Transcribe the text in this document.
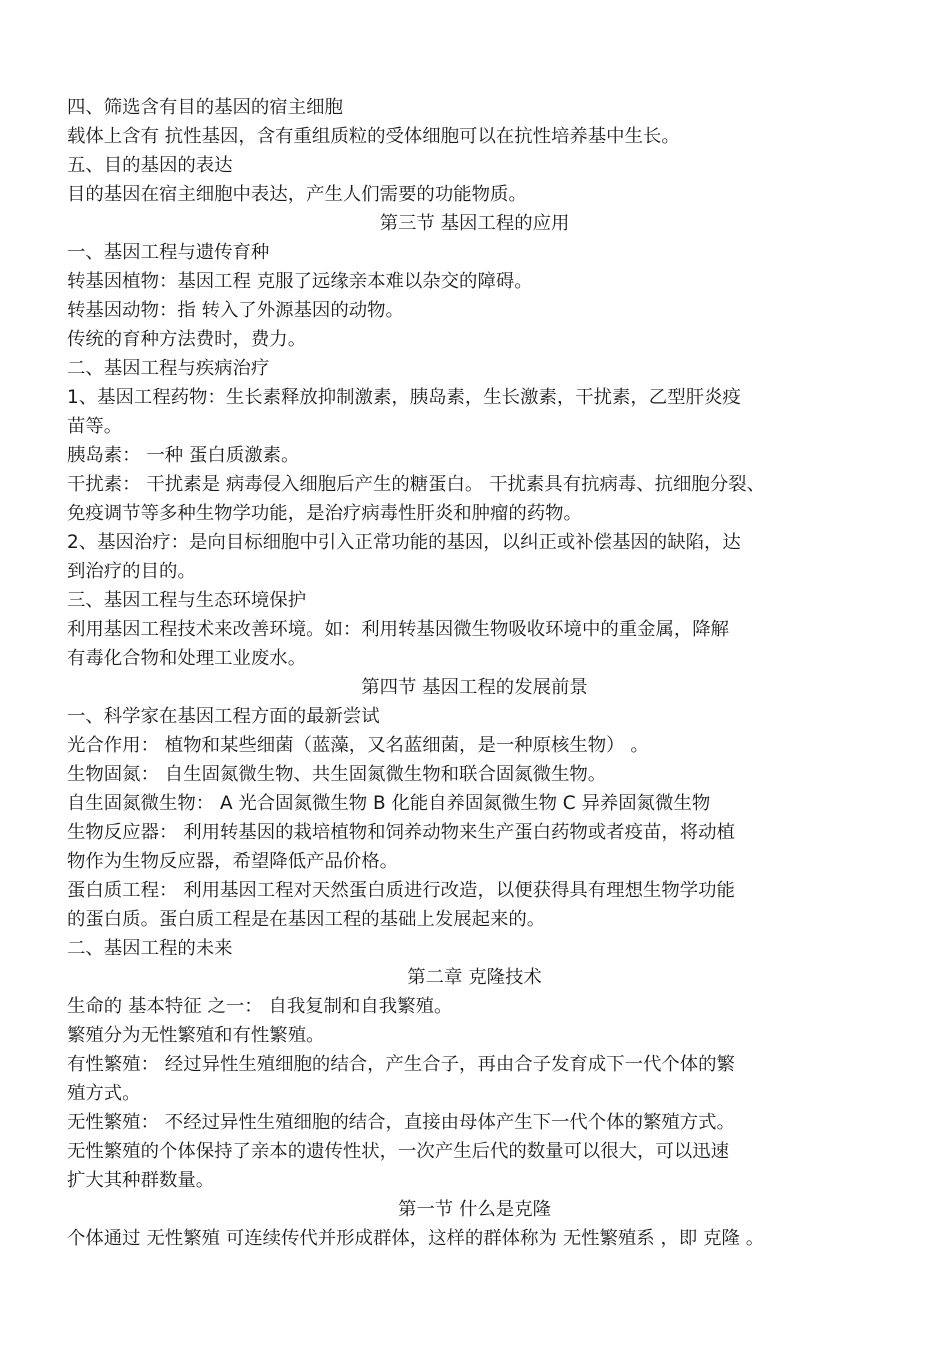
四、筛选含有目的基因的宿主细胞
载体上含有 抗性基因，含有重组质粒的受体细胞可以在抗性培养基中生长。
五、目的基因的表达
目的基因在宿主细胞中表达，产生人们需要的功能物质。
第三节 基因工程的应用
一、基因工程与遗传育种
转基因植物：基因工程 克服了远缘亲本难以杂交的障碍。
转基因动物：指 转入了外源基因的动物。
传统的育种方法费时，费力。
二、基因工程与疾病治疗
1、基因工程药物：生长素释放抑制激素，胰岛素，生长激素，干扰素，乙型肝炎疫
苗等。
胰岛素： 一种 蛋白质激素。
干扰素： 干扰素是 病毒侵入细胞后产生的糖蛋白。 干扰素具有抗病毒、抗细胞分裂、
免疫调节等多种生物学功能，是治疗病毒性肝炎和肿瘤的药物。
2、基因治疗：是向目标细胞中引入正常功能的基因，以纠正或补偿基因的缺陷，达
到治疗的目的。
三、基因工程与生态环境保护
利用基因工程技术来改善环境。如：利用转基因微生物吸收环境中的重金属，降解
有毒化合物和处理工业废水。
第四节 基因工程的发展前景
一、科学家在基因工程方面的最新尝试
光合作用： 植物和某些细菌（蓝藻，又名蓝细菌，是一种原核生物） 。
生物固氮： 自生固氮微生物、共生固氮微生物和联合固氮微生物。
自生固氮微生物： A 光合固氮微生物 B 化能自养固氮微生物 C 异养固氮微生物
生物反应器： 利用转基因的栽培植物和饲养动物来生产蛋白药物或者疫苗，将动植
物作为生物反应器，希望降低产品价格。
蛋白质工程： 利用基因工程对天然蛋白质进行改造，以便获得具有理想生物学功能
的蛋白质。蛋白质工程是在基因工程的基础上发展起来的。
二、基因工程的未来
第二章 克隆技术
生命的 基本特征 之一： 自我复制和自我繁殖。
繁殖分为无性繁殖和有性繁殖。
有性繁殖： 经过异性生殖细胞的结合，产生合子，再由合子发育成下一代个体的繁
殖方式。
无性繁殖： 不经过异性生殖细胞的结合，直接由母体产生下一代个体的繁殖方式。
无性繁殖的个体保持了亲本的遗传性状，一次产生后代的数量可以很大，可以迅速
扩大其种群数量。
第一节 什么是克隆
个体通过 无性繁殖 可连续传代并形成群体，这样的群体称为 无性繁殖系 ，即 克隆 。
